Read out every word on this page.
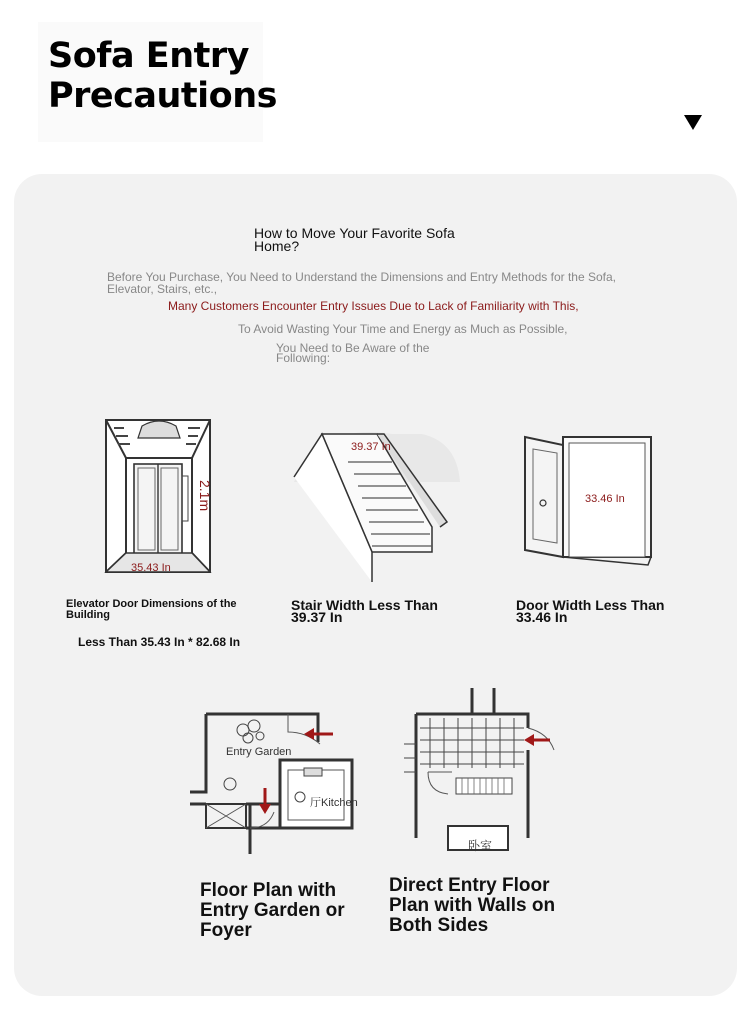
Sofa Entry
Precautions
How to Move Your Favorite Sofa Home?
Before You Purchase, You Need to Understand the Dimensions and Entry Methods for the Sofa, Elevator, Stairs, etc.,
Many Customers Encounter Entry Issues Due to Lack of Familiarity with This,
To Avoid Wasting Your Time and Energy as Much as Possible,
You Need to Be Aware of the Following:
2.1m
35.43 In
39.37 In
33.46 In
Elevator Door Dimensions of the Building
Less Than 35.43 In * 82.68 In
Stair Width Less Than 39.37 In
Door Width Less Than 33.46 In
Entry Garden
厅Kitchen
卧室
Floor Plan with Entry Garden or Foyer
Direct Entry Floor Plan with Walls on Both Sides
